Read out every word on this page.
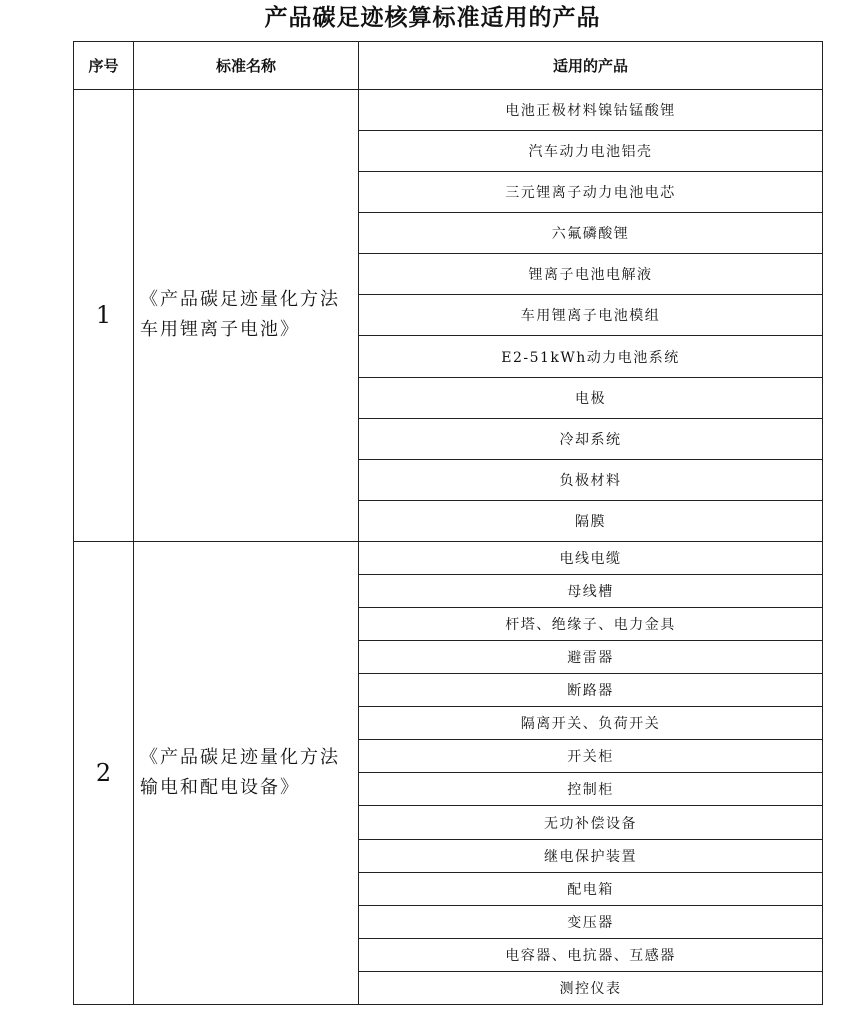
产品碳足迹核算标准适用的产品
序号	标准名称	适用的产品
1	《产品碳足迹量化方法 车用锂离子电池》	电池正极材料镍钴锰酸锂
		汽车动力电池铝壳
		三元锂离子动力电池电芯
		六氟磷酸锂
		锂离子电池电解液
		车用锂离子电池模组
		E2-51kWh动力电池系统
		电极
		冷却系统
		负极材料
		隔膜
2	《产品碳足迹量化方法 输电和配电设备》	电线电缆
		母线槽
		杆塔、绝缘子、电力金具
		避雷器
		断路器
		隔离开关、负荷开关
		开关柜
		控制柜
		无功补偿设备
		继电保护装置
		配电箱
		变压器
		电容器、电抗器、互感器
		测控仪表
